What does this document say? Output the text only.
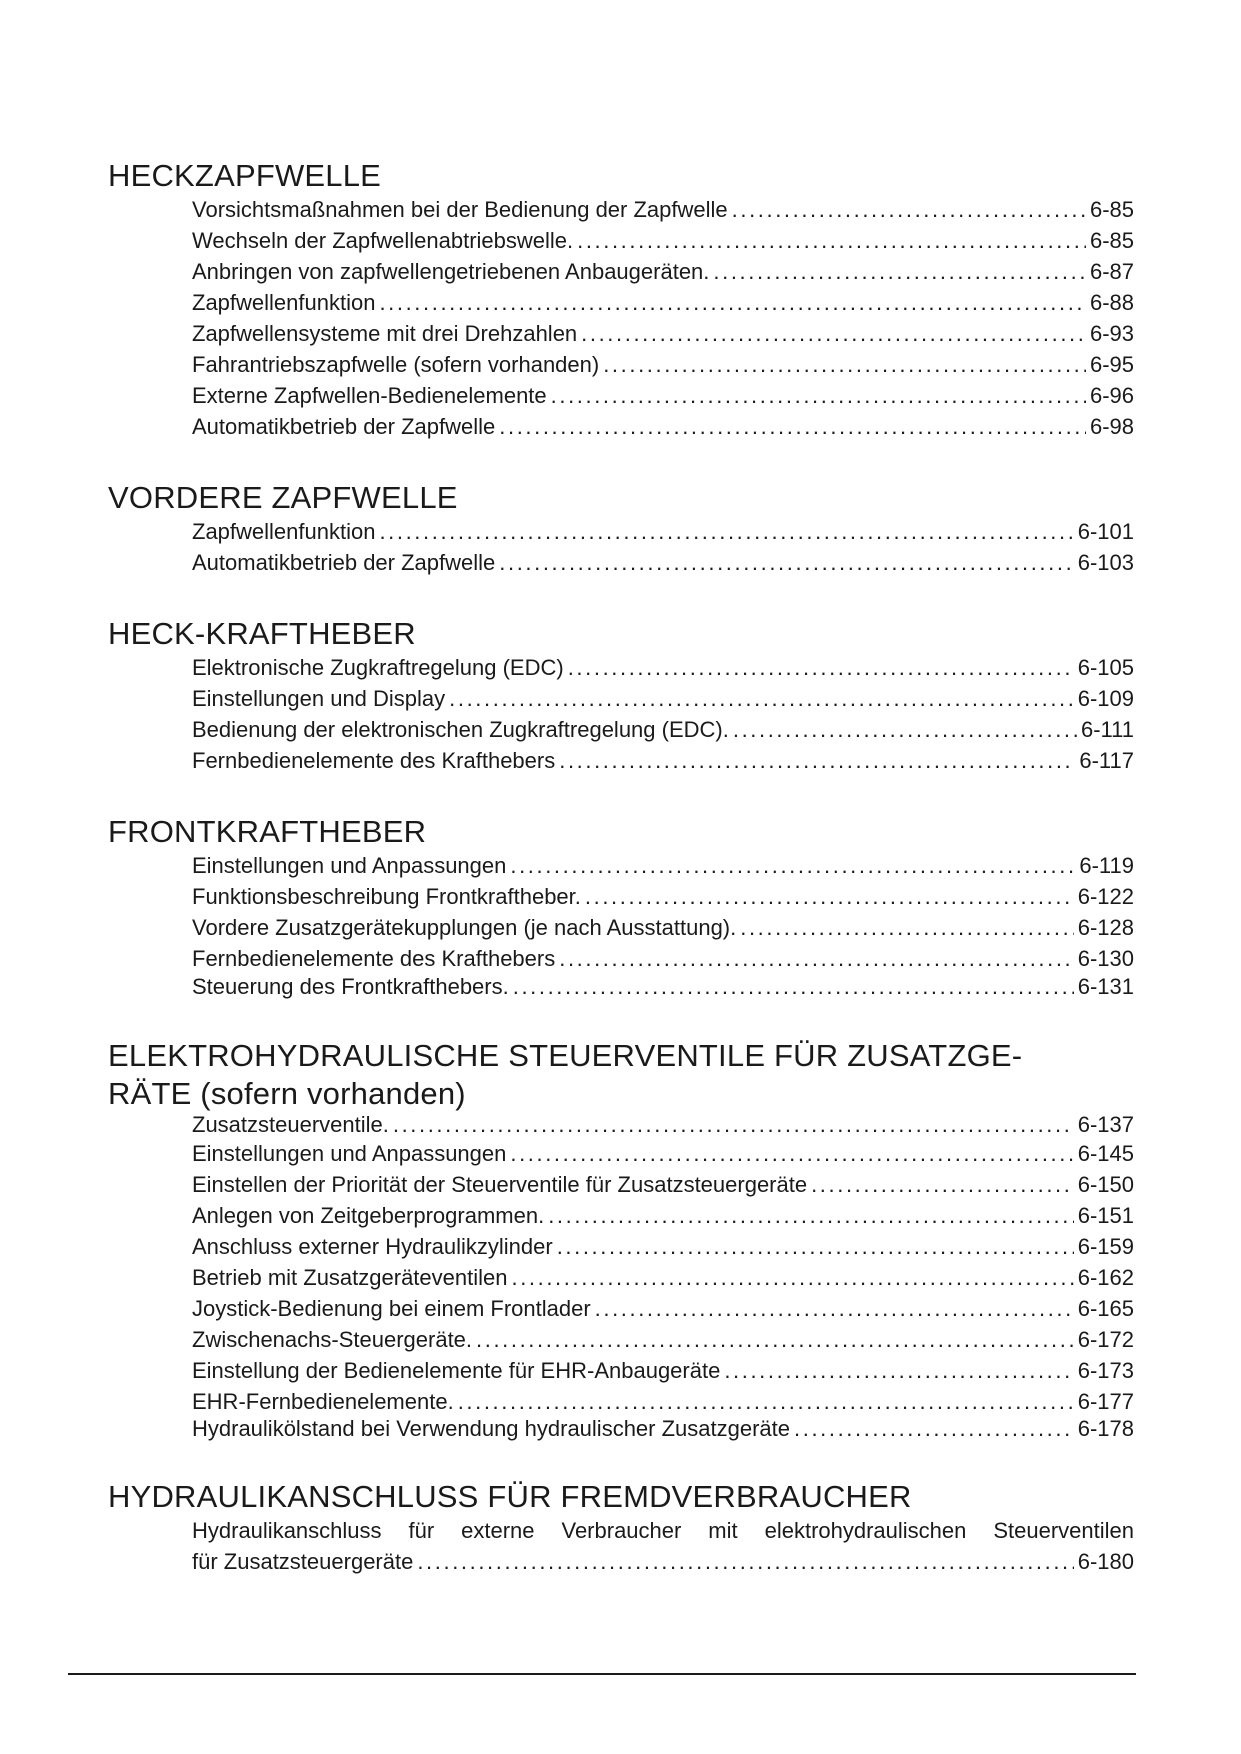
HECKZAPFWELLE
Vorsichtsmaßnahmen bei der Bedienung der Zapfwelle .....	6-85
Wechseln der Zapfwellenabtriebswelle. .....	6-85
Anbringen von zapfwellengetriebenen Anbaugeräten. .....	6-87
Zapfwellenfunktion .....	6-88
Zapfwellensysteme mit drei Drehzahlen .....	6-93
Fahrantriebszapfwelle (sofern vorhanden) .....	6-95
Externe Zapfwellen-Bedienelemente .....	6-96
Automatikbetrieb der Zapfwelle .....	6-98
VORDERE ZAPFWELLE
Zapfwellenfunktion .....	6-101
Automatikbetrieb der Zapfwelle .....	6-103
HECK-KRAFTHEBER
Elektronische Zugkraftregelung (EDC) .....	6-105
Einstellungen und Display .....	6-109
Bedienung der elektronischen Zugkraftregelung (EDC). .....	6-111
Fernbedienelemente des Krafthebers .....	6-117
FRONTKRAFTHEBER
Einstellungen und Anpassungen .....	6-119
Funktionsbeschreibung Frontkraftheber. .....	6-122
Vordere Zusatzgerätekupplungen (je nach Ausstattung). .....	6-128
Fernbedienelemente des Krafthebers .....	6-130
Steuerung des Frontkrafthebers. .....	6-131
ELEKTROHYDRAULISCHE STEUERVENTILE FÜR ZUSATZGE-
RÄTE (sofern vorhanden)
Zusatzsteuerventile. .....	6-137
Einstellungen und Anpassungen .....	6-145
Einstellen der Priorität der Steuerventile für Zusatzsteuergeräte .....	6-150
Anlegen von Zeitgeberprogrammen. .....	6-151
Anschluss externer Hydraulikzylinder .....	6-159
Betrieb mit Zusatzgeräteventilen .....	6-162
Joystick-Bedienung bei einem Frontlader .....	6-165
Zwischenachs-Steuergeräte. .....	6-172
Einstellung der Bedienelemente für EHR-Anbaugeräte .....	6-173
EHR-Fernbedienelemente. .....	6-177
Hydraulikölstand bei Verwendung hydraulischer Zusatzgeräte .....	6-178
HYDRAULIKANSCHLUSS FÜR FREMDVERBRAUCHER
Hydraulikanschluss für externe Verbraucher mit elektrohydraulischen Steuerventilen
für Zusatzsteuergeräte .....	6-180
